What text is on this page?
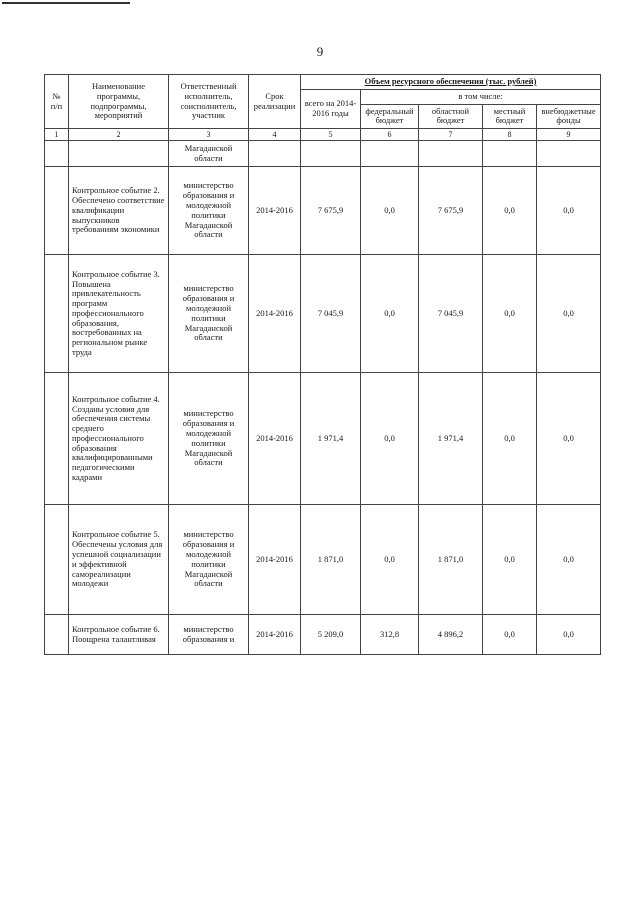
9
№ п/п	Наименование программы, подпрограммы, мероприятий	Ответственный исполнитель, соисполнитель, участник	Срок реализации	Объем ресурсного обеспечения (тыс. рублей)				
				всего на 2014-2016 годы	в том числе:			
					федеральный бюджет	областной бюджет	местный бюджет	внебюджетные фонды
1	2	3	4	5	6	7	8	9
		Магаданской области						
	Контрольное событие 2. Обеспечено соответствие квалификации выпускников требованиям экономики	министерство образования и молодежной политики Магаданской области	2014-2016	7 675,9	0,0	7 675,9	0,0	0,0
	Контрольное событие 3. Повышена привлекательность программ профессионального образования, востребованных на региональном рынке труда	министерство образования и молодежной политики Магаданской области	2014-2016	7 045,9	0,0	7 045,9	0,0	0,0
	Контрольное событие 4. Созданы условия для обеспечения системы среднего профессионального образования квалифицированными педагогическими кадрами	министерство образования и молодежной политики Магаданской области	2014-2016	1 971,4	0,0	1 971,4	0,0	0,0
	Контрольное событие 5. Обеспечены условия для успешной социализации и эффективной самореализации молодежи	министерство образования и молодежной политики Магаданской области	2014-2016	1 871,0	0,0	1 871,0	0,0	0,0
	Контрольное событие 6. Поощрена талантливая	министерство образования и	2014-2016	5 209,0	312,8	4 896,2	0,0	0,0
